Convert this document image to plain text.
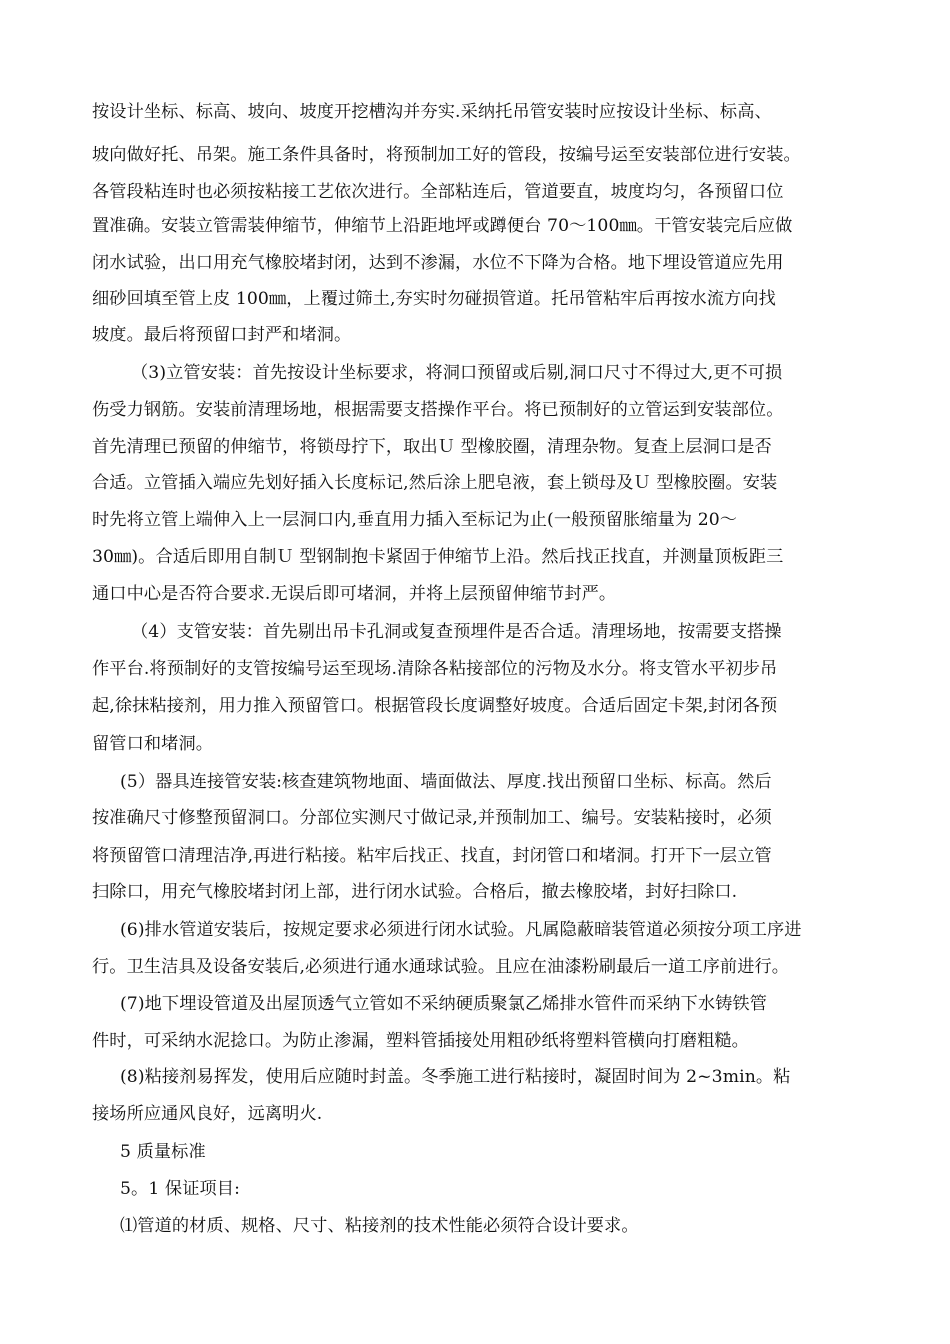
按设计坐标、标高、坡向、坡度开挖槽沟并夯实.采纳托吊管安装时应按设计坐标、标高、
坡向做好托、吊架。施工条件具备时，将预制加工好的管段，按编号运至安装部位进行安装。
各管段粘连时也必须按粘接工艺依次进行。全部粘连后，管道要直，坡度均匀，各预留口位
置准确。安装立管需装伸缩节，伸缩节上沿距地坪或蹲便台 70～100㎜。干管安装完后应做
闭水试验，出口用充气橡胶堵封闭，达到不渗漏，水位不下降为合格。地下埋设管道应先用
细砂回填至管上皮 100㎜，上覆过筛土,夯实时勿碰损管道。托吊管粘牢后再按水流方向找
坡度。最后将预留口封严和堵洞。
（3)立管安装：首先按设计坐标要求，将洞口预留或后剔,洞口尺寸不得过大,更不可损
伤受力钢筋。安装前清理场地，根据需要支搭操作平台。将已预制好的立管运到安装部位。
首先清理已预留的伸缩节，将锁母拧下，取出Ｕ 型橡胶圈，清理杂物。复查上层洞口是否
合适。立管插入端应先划好插入长度标记,然后涂上肥皂液，套上锁母及Ｕ 型橡胶圈。安装
时先将立管上端伸入上一层洞口内,垂直用力插入至标记为止(一般预留胀缩量为 20～
30㎜)。合适后即用自制Ｕ 型钢制抱卡紧固于伸缩节上沿。然后找正找直，并测量顶板距三
通口中心是否符合要求.无误后即可堵洞，并将上层预留伸缩节封严。
（4）支管安装：首先剔出吊卡孔洞或复查预埋件是否合适。清理场地，按需要支搭操
作平台.将预制好的支管按编号运至现场.清除各粘接部位的污物及水分。将支管水平初步吊
起,徐抹粘接剂，用力推入预留管口。根据管段长度调整好坡度。合适后固定卡架,封闭各预
留管口和堵洞。
(5）器具连接管安装:核查建筑物地面、墙面做法、厚度.找出预留口坐标、标高。然后
按准确尺寸修整预留洞口。分部位实测尺寸做记录,并预制加工、编号。安装粘接时，必须
将预留管口清理洁净,再进行粘接。粘牢后找正、找直，封闭管口和堵洞。打开下一层立管
扫除口，用充气橡胶堵封闭上部，进行闭水试验。合格后，撤去橡胶堵，封好扫除口.
(6)排水管道安装后，按规定要求必须进行闭水试验。凡属隐蔽暗装管道必须按分项工序进
行。卫生洁具及设备安装后,必须进行通水通球试验。且应在油漆粉刷最后一道工序前进行。
(7)地下埋设管道及出屋顶透气立管如不采纳硬质聚氯乙烯排水管件而采纳下水铸铁管
件时，可采纳水泥捻口。为防止渗漏，塑料管插接处用粗砂纸将塑料管横向打磨粗糙。
(8)粘接剂易挥发，使用后应随时封盖。冬季施工进行粘接时，凝固时间为 2~3min。粘
接场所应通风良好，远离明火.
5 质量标准
5。1 保证项目:
⑴管道的材质、规格、尺寸、粘接剂的技术性能必须符合设计要求。
